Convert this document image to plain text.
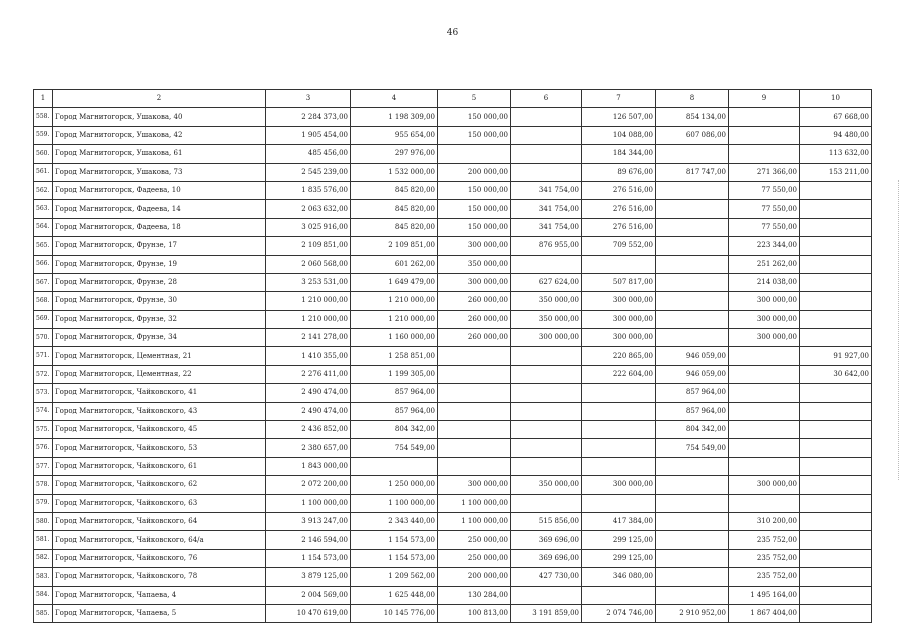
46
1	2	3	4	5	6	7	8	9	10
558.	Город Магнитогорск, Ушакова, 40	2 284 373,00	1 198 309,00	150 000,00		126 507,00	854 134,00		67 668,00
559.	Город Магнитогорск, Ушакова, 42	1 905 454,00	955 654,00	150 000,00		104 088,00	607 086,00		94 480,00
560.	Город Магнитогорск, Ушакова, 61	485 456,00	297 976,00			184 344,00			113 632,00
561.	Город Магнитогорск, Ушакова, 73	2 545 239,00	1 532 000,00	200 000,00		89 676,00	817 747,00	271 366,00	153 211,00
562.	Город Магнитогорск, Фадеева, 10	1 835 576,00	845 820,00	150 000,00	341 754,00	276 516,00		77 550,00	
563.	Город Магнитогорск, Фадеева, 14	2 063 632,00	845 820,00	150 000,00	341 754,00	276 516,00		77 550,00	
564.	Город Магнитогорск, Фадеева, 18	3 025 916,00	845 820,00	150 000,00	341 754,00	276 516,00		77 550,00	
565.	Город Магнитогорск, Фрунзе, 17	2 109 851,00	2 109 851,00	300 000,00	876 955,00	709 552,00		223 344,00	
566.	Город Магнитогорск, Фрунзе, 19	2 060 568,00	601 262,00	350 000,00				251 262,00	
567.	Город Магнитогорск, Фрунзе, 28	3 253 531,00	1 649 479,00	300 000,00	627 624,00	507 817,00		214 038,00	
568.	Город Магнитогорск, Фрунзе, 30	1 210 000,00	1 210 000,00	260 000,00	350 000,00	300 000,00		300 000,00	
569.	Город Магнитогорск, Фрунзе, 32	1 210 000,00	1 210 000,00	260 000,00	350 000,00	300 000,00		300 000,00	
570.	Город Магнитогорск, Фрунзе, 34	2 141 278,00	1 160 000,00	260 000,00	300 000,00	300 000,00		300 000,00	
571.	Город Магнитогорск, Цементная, 21	1 410 355,00	1 258 851,00			220 865,00	946 059,00		91 927,00
572.	Город Магнитогорск, Цементная, 22	2 276 411,00	1 199 305,00			222 604,00	946 059,00		30 642,00
573.	Город Магнитогорск, Чайковского, 41	2 490 474,00	857 964,00				857 964,00		
574.	Город Магнитогорск, Чайковского, 43	2 490 474,00	857 964,00				857 964,00		
575.	Город Магнитогорск, Чайковского, 45	2 436 852,00	804 342,00				804 342,00		
576.	Город Магнитогорск, Чайковского, 53	2 380 657,00	754 549,00				754 549,00		
577.	Город Магнитогорск, Чайковского, 61	1 843 000,00							
578.	Город Магнитогорск, Чайковского, 62	2 072 200,00	1 250 000,00	300 000,00	350 000,00	300 000,00		300 000,00	
579.	Город Магнитогорск, Чайковского, 63	1 100 000,00	1 100 000,00	1 100 000,00					
580.	Город Магнитогорск, Чайковского, 64	3 913 247,00	2 343 440,00	1 100 000,00	515 856,00	417 384,00		310 200,00	
581.	Город Магнитогорск, Чайковского, 64/а	2 146 594,00	1 154 573,00	250 000,00	369 696,00	299 125,00		235 752,00	
582.	Город Магнитогорск, Чайковского, 76	1 154 573,00	1 154 573,00	250 000,00	369 696,00	299 125,00		235 752,00	
583.	Город Магнитогорск, Чайковского, 78	3 879 125,00	1 209 562,00	200 000,00	427 730,00	346 080,00		235 752,00	
584.	Город Магнитогорск, Чапаева, 4	2 004 569,00	1 625 448,00	130 284,00				1 495 164,00	
585.	Город Магнитогорск, Чапаева, 5	10 470 619,00	10 145 776,00	100 813,00	3 191 859,00	2 074 746,00	2 910 952,00	1 867 404,00	
